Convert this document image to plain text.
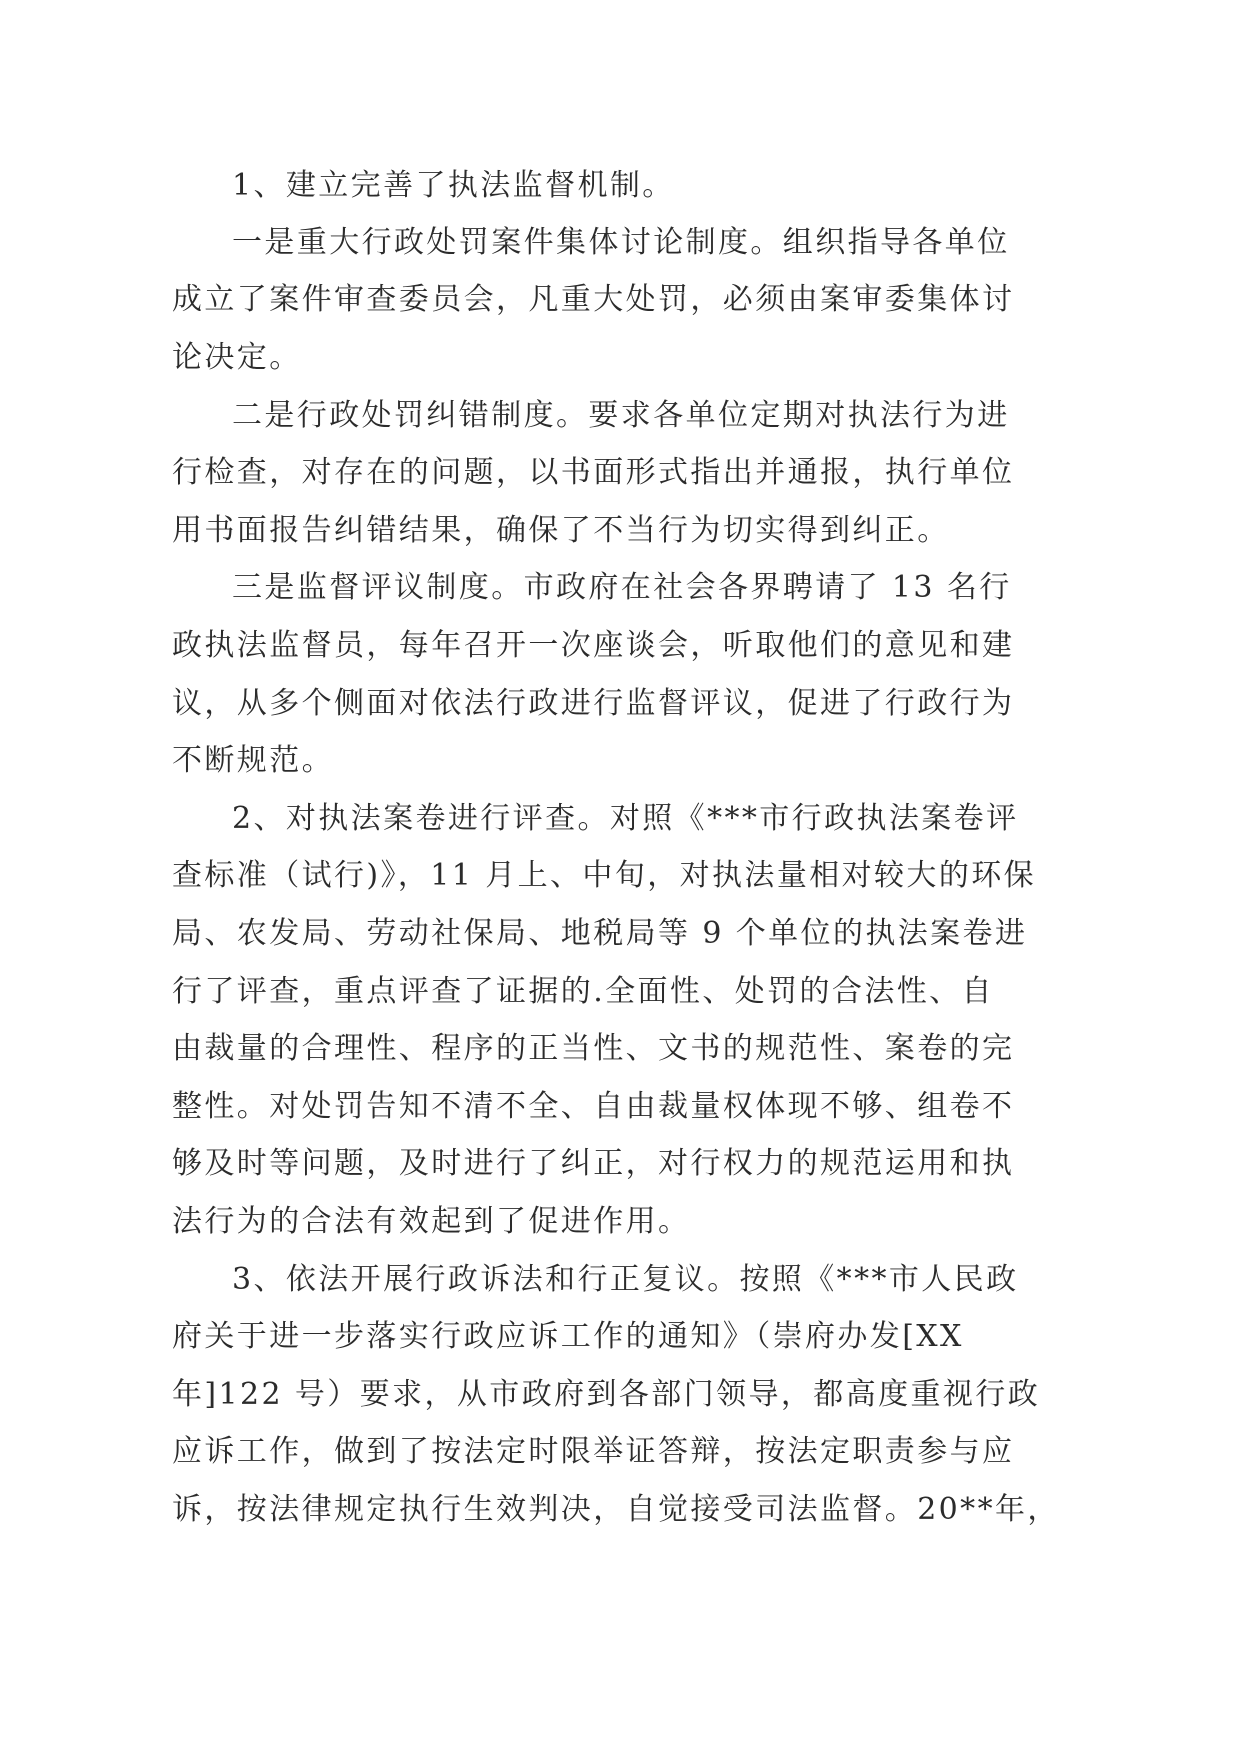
1、建立完善了执法监督机制。
一是重大行政处罚案件集体讨论制度。组织指导各单位
成立了案件审查委员会，凡重大处罚，必须由案审委集体讨
论决定。
二是行政处罚纠错制度。要求各单位定期对执法行为进
行检查，对存在的问题，以书面形式指出并通报，执行单位
用书面报告纠错结果，确保了不当行为切实得到纠正。
三是监督评议制度。市政府在社会各界聘请了 13 名行
政执法监督员，每年召开一次座谈会，听取他们的意见和建
议，从多个侧面对依法行政进行监督评议，促进了行政行为
不断规范。
2、对执法案卷进行评查。对照《***市行政执法案卷评
查标准（试行)》，11 月上、中旬，对执法量相对较大的环保
局、农发局、劳动社保局、地税局等 9 个单位的执法案卷进
行了评查，重点评查了证据的.全面性、处罚的合法性、自
由裁量的合理性、程序的正当性、文书的规范性、案卷的完
整性。对处罚告知不清不全、自由裁量权体现不够、组卷不
够及时等问题，及时进行了纠正，对行权力的规范运用和执
法行为的合法有效起到了促进作用。
3、依法开展行政诉法和行正复议。按照《***市人民政
府关于进一步落实行政应诉工作的通知》（崇府办发[XX
年]122 号）要求，从市政府到各部门领导，都高度重视行政
应诉工作，做到了按法定时限举证答辩，按法定职责参与应
诉，按法律规定执行生效判决，自觉接受司法监督。20**年，
